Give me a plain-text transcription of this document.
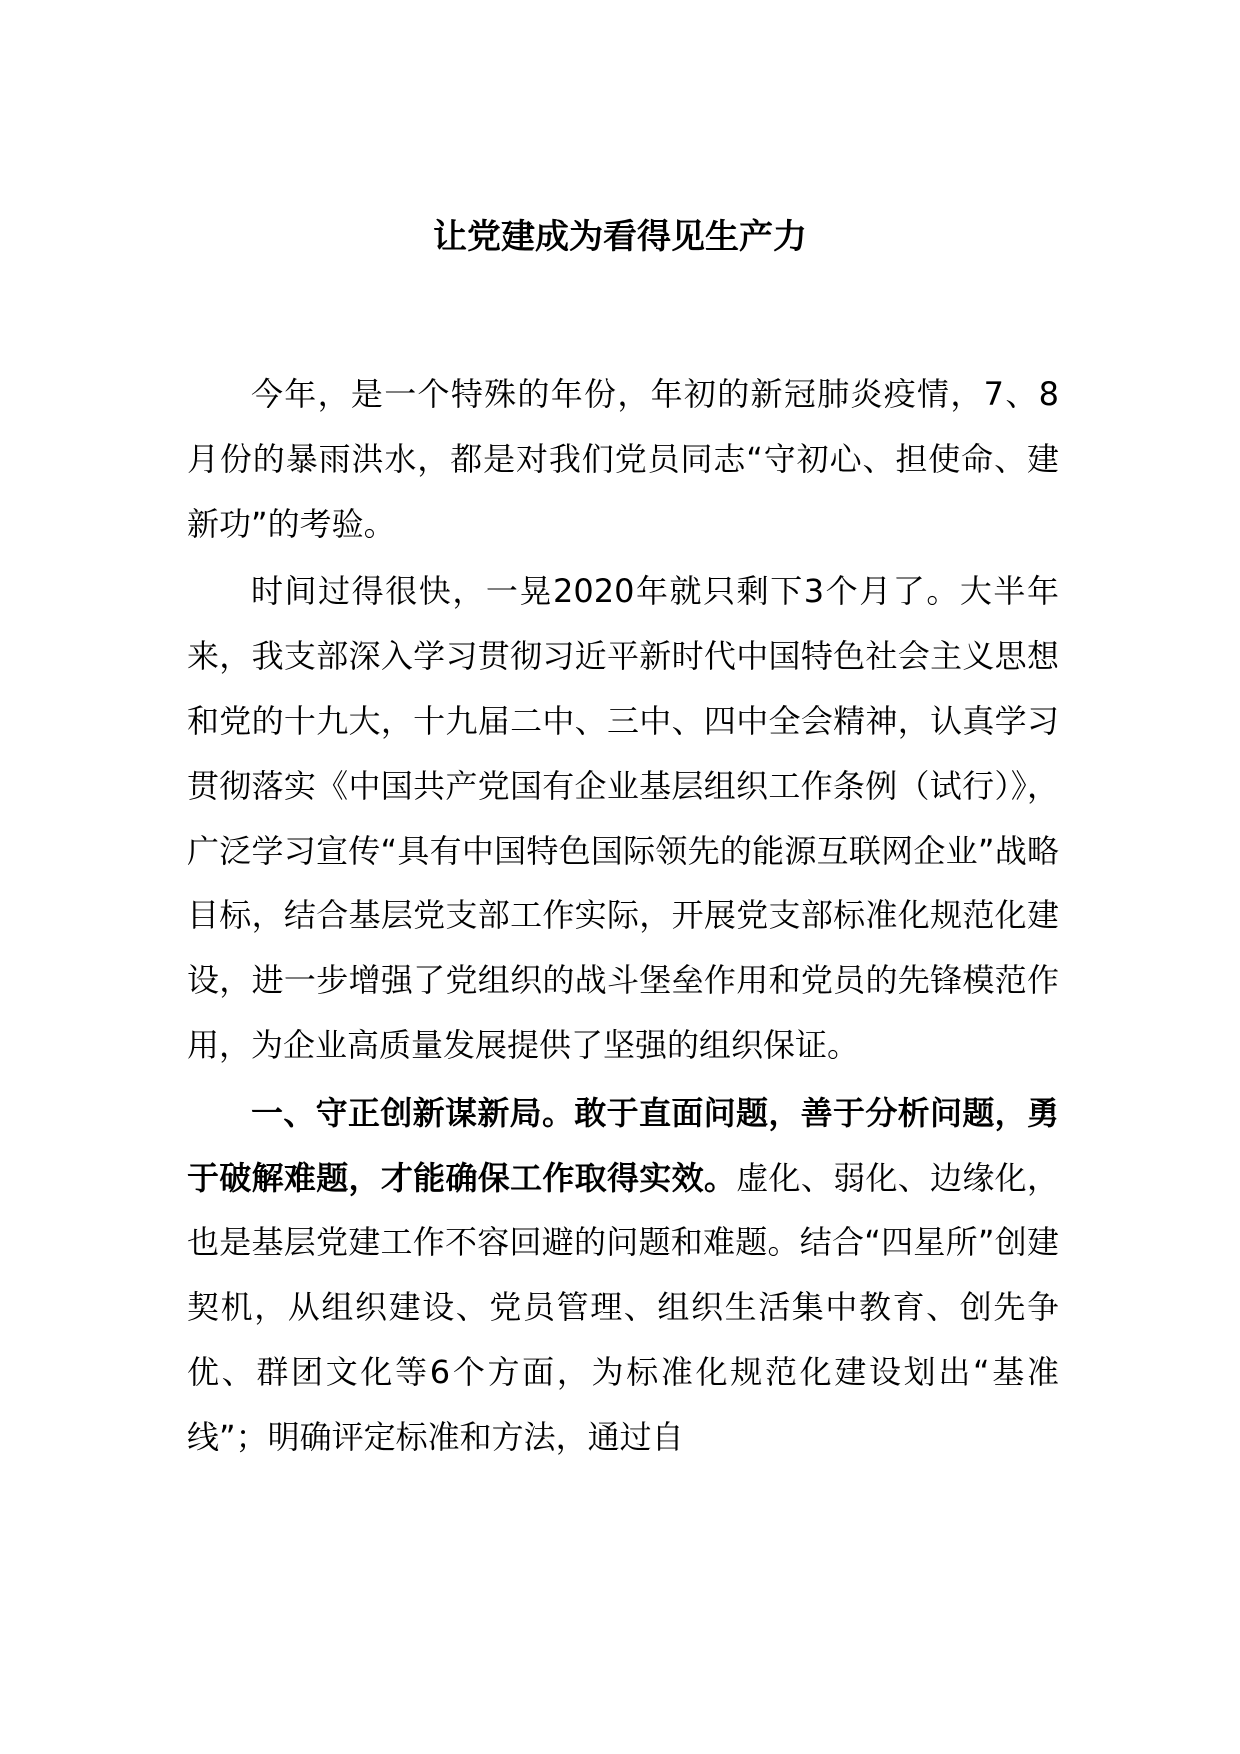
让党建成为看得见生产力

今年，是一个特殊的年份，年初的新冠肺炎疫情，7、8月份的暴雨洪水，都是对我们党员同志“守初心、担使命、建新功”的考验。

时间过得很快，一晃2020年就只剩下3个月了。大半年来，我支部深入学习贯彻习近平新时代中国特色社会主义思想和党的十九大，十九届二中、三中、四中全会精神，认真学习贯彻落实《中国共产党国有企业基层组织工作条例（试行）》，广泛学习宣传“具有中国特色国际领先的能源互联网企业”战略目标，结合基层党支部工作实际，开展党支部标准化规范化建设，进一步增强了党组织的战斗堡垒作用和党员的先锋模范作用，为企业高质量发展提供了坚强的组织保证。

一、守正创新谋新局。敢于直面问题，善于分析问题，勇于破解难题，才能确保工作取得实效。虚化、弱化、边缘化，也是基层党建工作不容回避的问题和难题。结合“四星所”创建契机，从组织建设、党员管理、组织生活集中教育、创先争优、群团文化等6个方面，为标准化规范化建设划出“基准线”；明确评定标准和方法，通过自
